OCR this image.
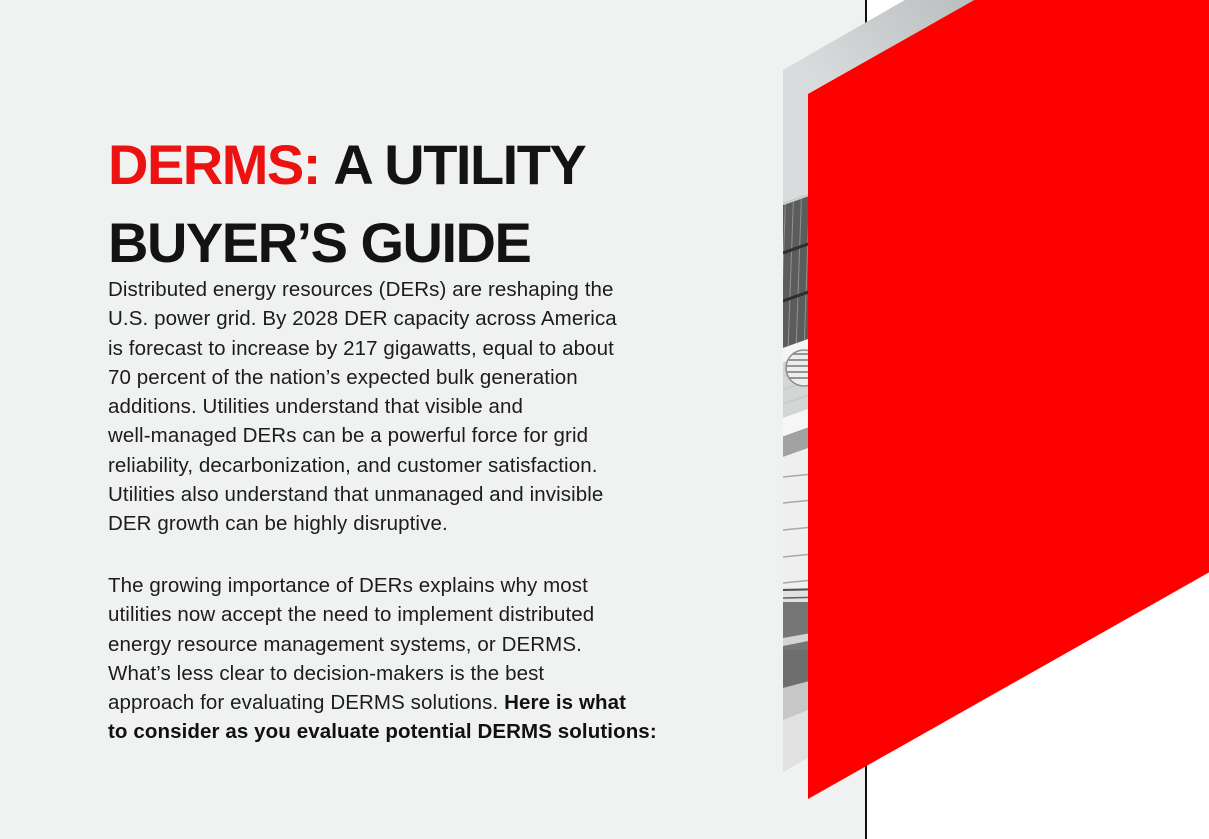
DERMS: A UTILITY
BUYER’S GUIDE
Distributed energy resources (DERs) are reshaping the
U.S. power grid. By 2028 DER capacity across America
is forecast to increase by 217 gigawatts, equal to about
70 percent of the nation’s expected bulk generation
additions. Utilities understand that visible and
well-managed DERs can be a powerful force for grid
reliability, decarbonization, and customer satisfaction.
Utilities also understand that unmanaged and invisible
DER growth can be highly disruptive.
The growing importance of DERs explains why most
utilities now accept the need to implement distributed
energy resource management systems, or DERMS.
What’s less clear to decision-makers is the best
approach for evaluating DERMS solutions. Here is what
to consider as you evaluate potential DERMS solutions:
